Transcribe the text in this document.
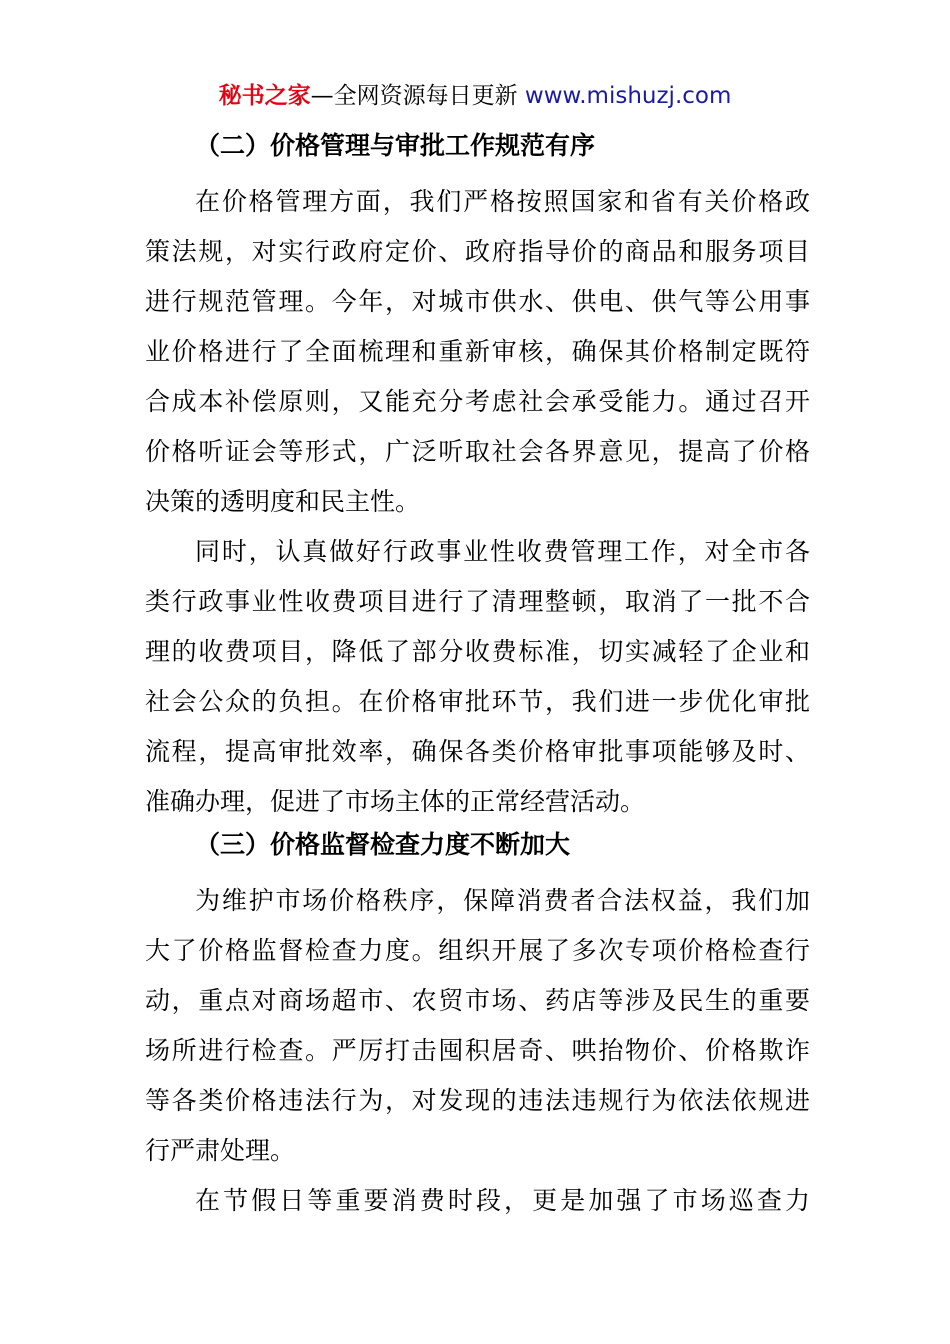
秘书之家—全网资源每日更新 www.mishuzj.com
（二）价格管理与审批工作规范有序
在价格管理方面，我们严格按照国家和省有关价格政
策法规，对实行政府定价、政府指导价的商品和服务项目
进行规范管理。今年，对城市供水、供电、供气等公用事
业价格进行了全面梳理和重新审核，确保其价格制定既符
合成本补偿原则，又能充分考虑社会承受能力。通过召开
价格听证会等形式，广泛听取社会各界意见，提高了价格
决策的透明度和民主性。
同时，认真做好行政事业性收费管理工作，对全市各
类行政事业性收费项目进行了清理整顿，取消了一批不合
理的收费项目，降低了部分收费标准，切实减轻了企业和
社会公众的负担。在价格审批环节，我们进一步优化审批
流程，提高审批效率，确保各类价格审批事项能够及时、
准确办理，促进了市场主体的正常经营活动。
（三）价格监督检查力度不断加大
为维护市场价格秩序，保障消费者合法权益，我们加
大了价格监督检查力度。组织开展了多次专项价格检查行
动，重点对商场超市、农贸市场、药店等涉及民生的重要
场所进行检查。严厉打击囤积居奇、哄抬物价、价格欺诈
等各类价格违法行为，对发现的违法违规行为依法依规进
行严肃处理。
在节假日等重要消费时段，更是加强了市场巡查力
